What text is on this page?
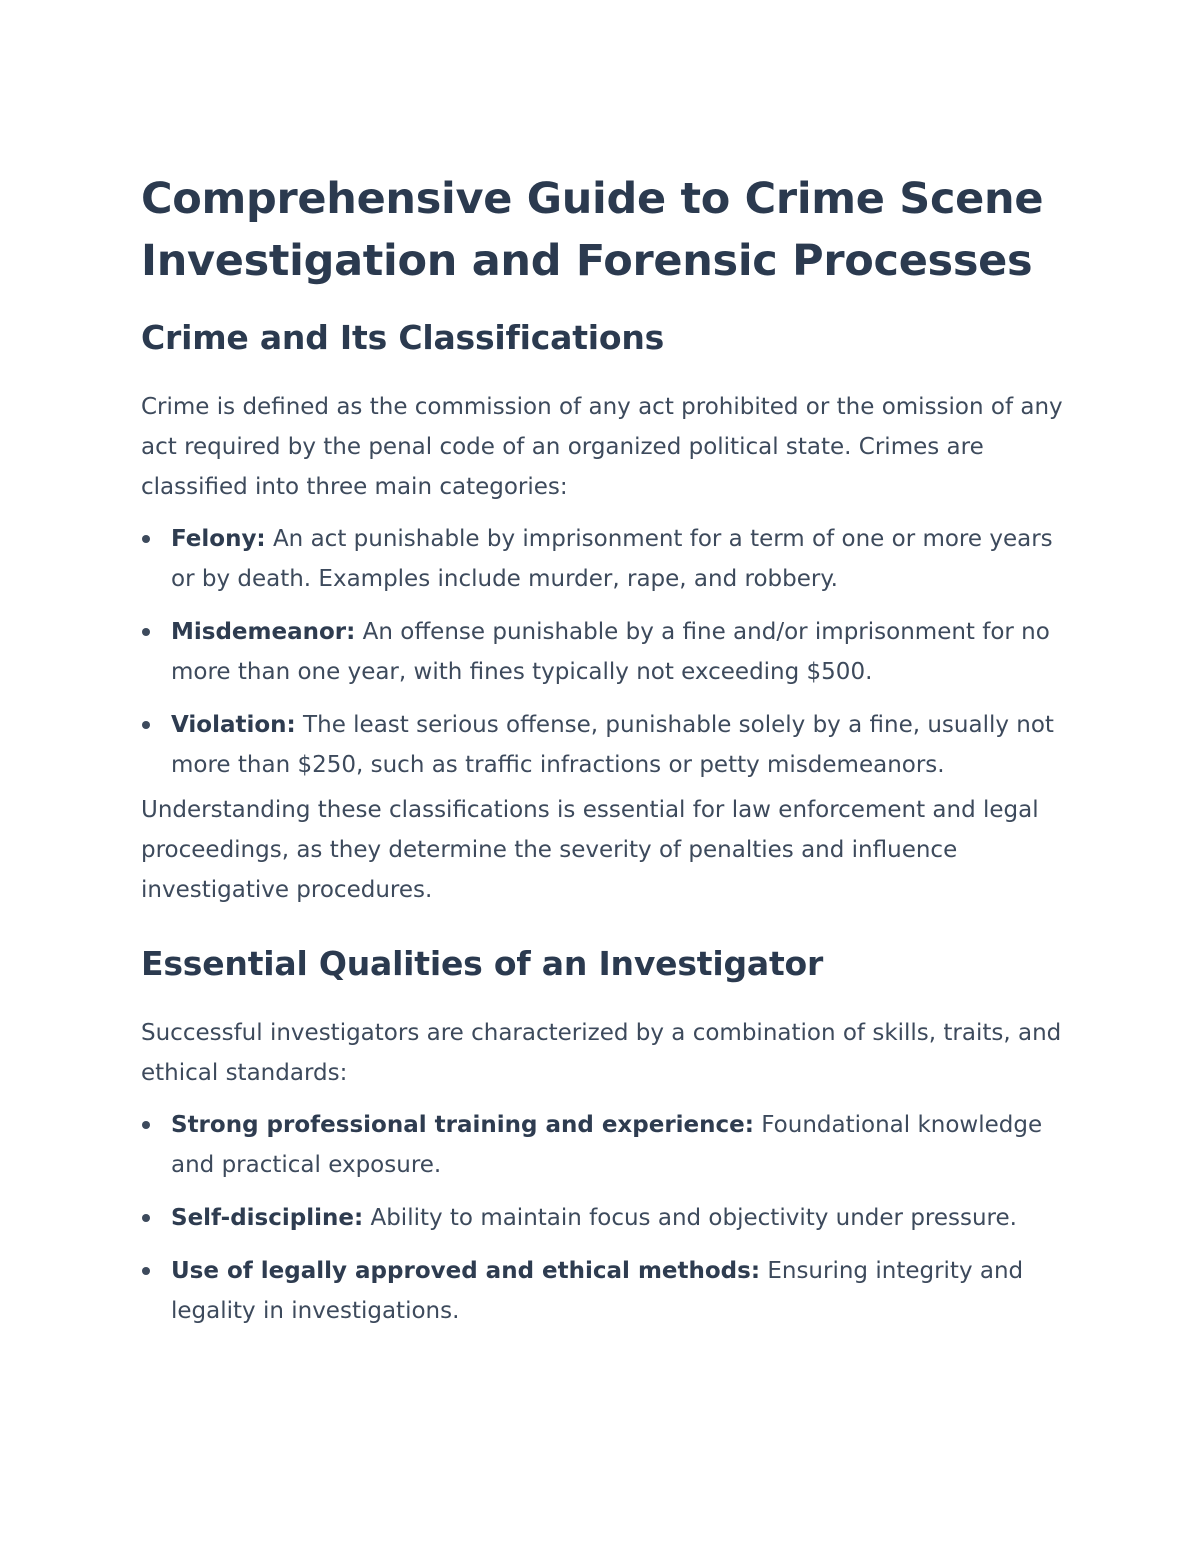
Comprehensive Guide to Crime Scene
Investigation and Forensic Processes
Crime and Its Classifications

Crime is defined as the commission of any act prohibited or the omission of any act required by the penal code of an organized political state. Crimes are classified into three main categories:

Felony: An act punishable by imprisonment for a term of one or more years or by death. Examples include murder, rape, and robbery.
Misdemeanor: An offense punishable by a fine and/or imprisonment for no more than one year, with fines typically not exceeding $500.
Violation: The least serious offense, punishable solely by a fine, usually not more than $250, such as traffic infractions or petty misdemeanors.

Understanding these classifications is essential for law enforcement and legal proceedings, as they determine the severity of penalties and influence investigative procedures.

Essential Qualities of an Investigator

Successful investigators are characterized by a combination of skills, traits, and ethical standards:

Strong professional training and experience: Foundational knowledge and practical exposure.
Self-discipline: Ability to maintain focus and objectivity under pressure.
Use of legally approved and ethical methods: Ensuring integrity and legality in investigations.
